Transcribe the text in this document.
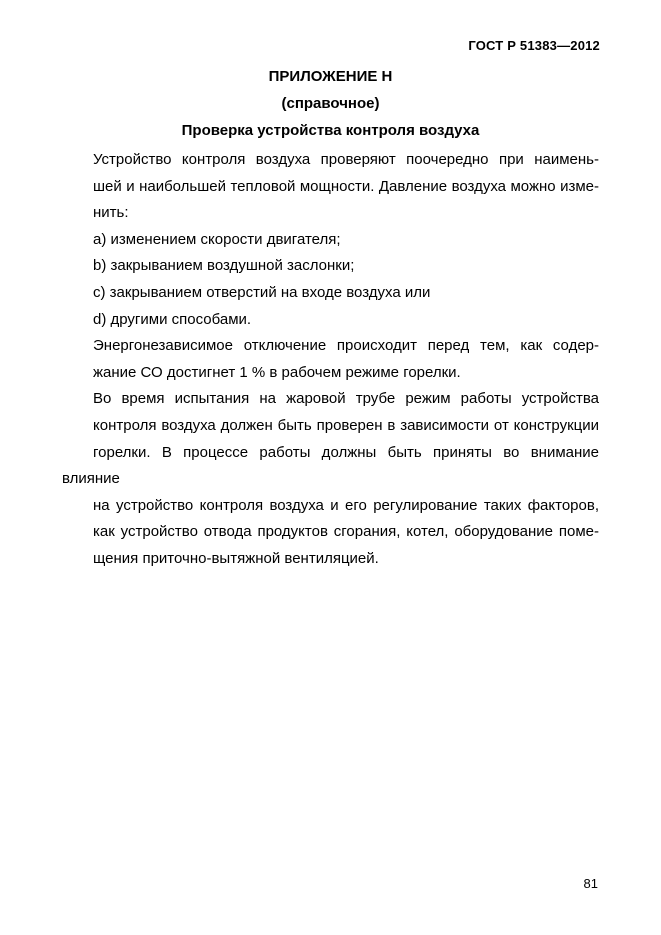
ГОСТ Р 51383—2012
ПРИЛОЖЕНИЕ Н
(справочное)
Проверка устройства контроля воздуха

Устройство контроля воздуха проверяют поочередно при наимень-
шей и наибольшей тепловой мощности. Давление воздуха можно изме-
нить:

a) изменением скорости двигателя;

b) закрыванием воздушной заслонки;

c) закрыванием отверстий на входе воздуха или

d) другими способами.

Энергонезависимое отключение происходит перед тем, как содер-
жание СО достигнет 1 % в рабочем режиме горелки.

Во время испытания на жаровой трубе режим работы устройства
контроля воздуха должен быть проверен в зависимости от конструкции
горелки. В процессе работы должны быть приняты во внимание влияние
на устройство контроля воздуха и его регулирование таких факторов,
как устройство отвода продуктов сгорания, котел, оборудование поме-
щения приточно-вытяжной вентиляцией.

81
